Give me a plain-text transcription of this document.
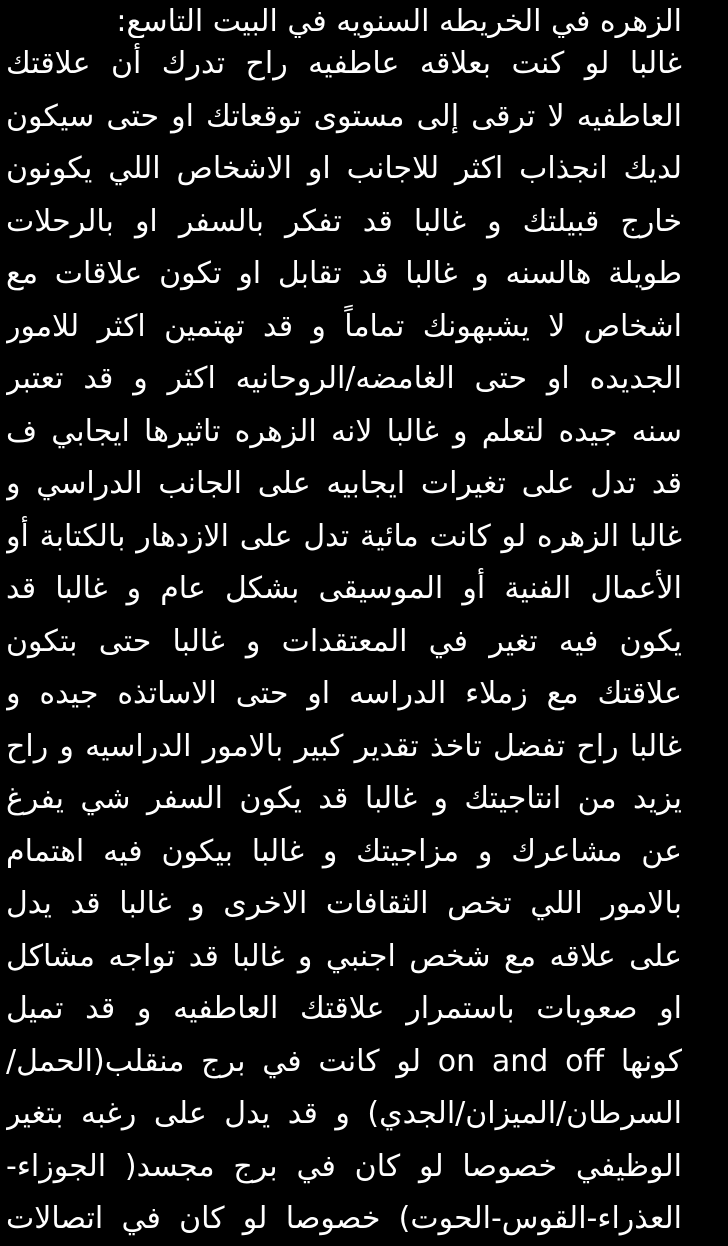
الزهره في الخريطه السنويه في البيت التاسع:
غالبا لو كنت بعلاقه عاطفيه راح تدرك أن علاقتك
العاطفيه لا ترقى إلى مستوى توقعاتك او حتى سيكون
لديك انجذاب اكثر للاجانب او الاشخاص اللي يكونون
خارج قبيلتك و غالبا قد تفكر بالسفر او بالرحلات
طويلة هالسنه و غالبا قد تقابل او تكون علاقات مع
اشخاص لا يشبهونك تماماً و قد تهتمين اكثر للامور
الجديده او حتى الغامضه/الروحانيه اكثر و قد تعتبر
سنه جيده لتعلم و غالبا لانه الزهره تاثيرها ايجابي ف
قد تدل على تغيرات ايجابيه على الجانب الدراسي و
غالبا الزهره لو كانت مائية تدل على الازدهار بالكتابة أو
الأعمال الفنية أو الموسيقى بشكل عام و غالبا قد
يكون فيه تغير في المعتقدات و غالبا حتى بتكون
علاقتك مع زملاء الدراسه او حتى الاساتذه جيده و
غالبا راح تفضل تاخذ تقدير كبير بالامور الدراسيه و راح
يزيد من انتاجيتك و غالبا قد يكون السفر شي يفرغ
عن مشاعرك و مزاجيتك و غالبا بيكون فيه اهتمام
بالامور اللي تخص الثقافات الاخرى و غالبا قد يدل
على علاقه مع شخص اجنبي و غالبا قد تواجه مشاكل
او صعوبات باستمرار علاقتك العاطفيه و قد تميل
كونها on and off لو كانت في برج منقلب(الحمل/
السرطان/الميزان/الجدي) و قد يدل على رغبه بتغير
الوظيفي خصوصا لو كان في برج مجسد( الجوزاء-
العذراء-القوس-الحوت) خصوصا لو كان في اتصالات
